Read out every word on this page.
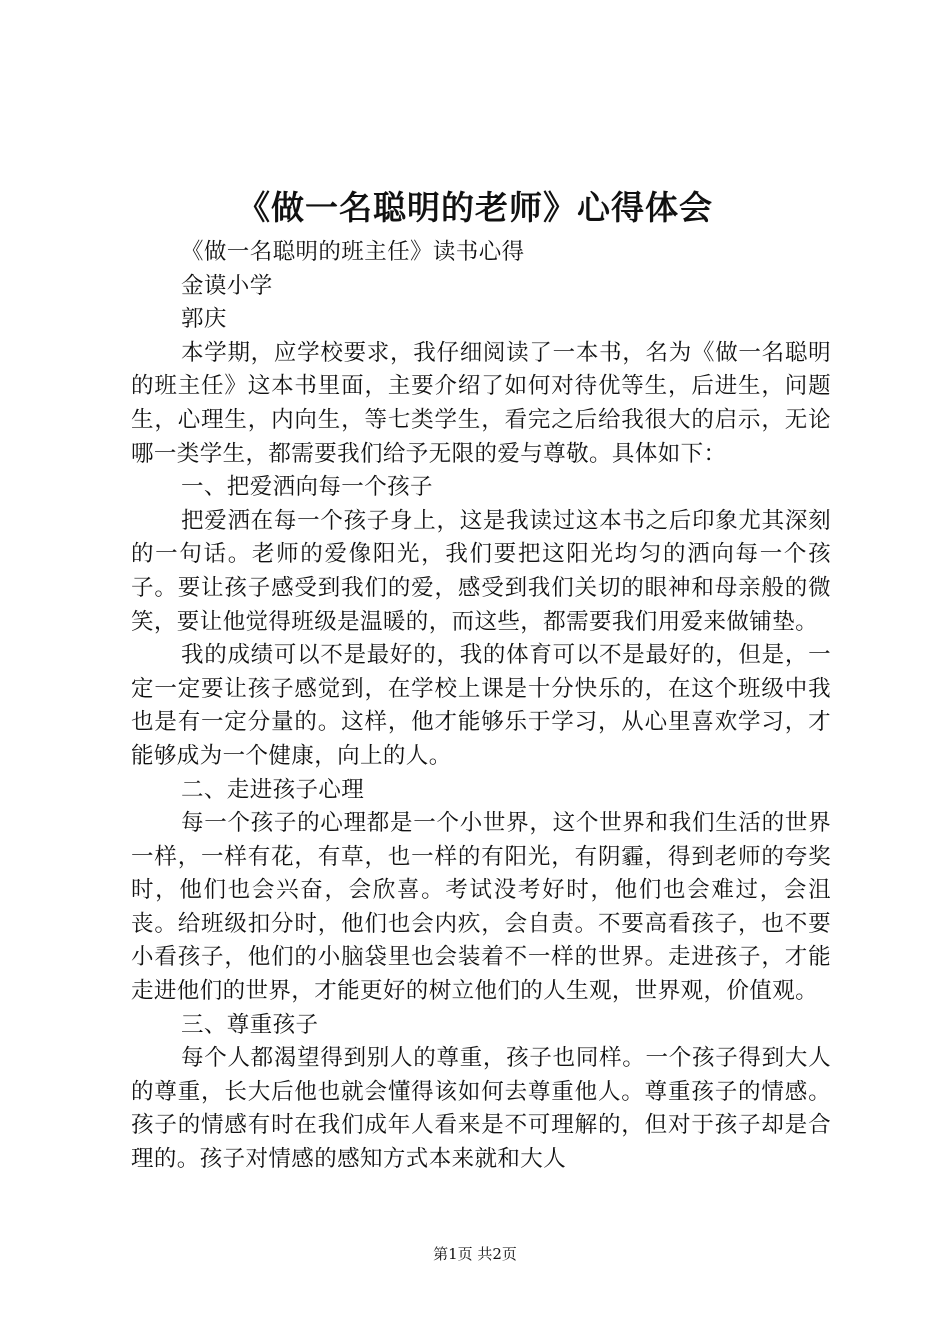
《做一名聪明的老师》心得体会

《做一名聪明的班主任》读书心得

金谟小学

郭庆

本学期，应学校要求，我仔细阅读了一本书，名为《做一名聪明的班主任》这本书里面，主要介绍了如何对待优等生，后进生，问题生，心理生，内向生，等七类学生，看完之后给我很大的启示，无论哪一类学生，都需要我们给予无限的爱与尊敬。具体如下：

一、把爱洒向每一个孩子

把爱洒在每一个孩子身上，这是我读过这本书之后印象尤其深刻的一句话。老师的爱像阳光，我们要把这阳光均匀的洒向每一个孩子。要让孩子感受到我们的爱，感受到我们关切的眼神和母亲般的微笑，要让他觉得班级是温暖的，而这些，都需要我们用爱来做铺垫。

我的成绩可以不是最好的，我的体育可以不是最好的，但是，一定一定要让孩子感觉到，在学校上课是十分快乐的，在这个班级中我也是有一定分量的。这样，他才能够乐于学习，从心里喜欢学习，才能够成为一个健康，向上的人。

二、走进孩子心理

每一个孩子的心理都是一个小世界，这个世界和我们生活的世界一样，一样有花，有草，也一样的有阳光，有阴霾，得到老师的夸奖时，他们也会兴奋，会欣喜。考试没考好时，他们也会难过，会沮丧。给班级扣分时，他们也会内疚，会自责。不要高看孩子，也不要小看孩子，他们的小脑袋里也会装着不一样的世界。走进孩子，才能走进他们的世界，才能更好的树立他们的人生观，世界观，价值观。

三、尊重孩子

每个人都渴望得到别人的尊重，孩子也同样。一个孩子得到大人的尊重，长大后他也就会懂得该如何去尊重他人。尊重孩子的情感。孩子的情感有时在我们成年人看来是不可理解的，但对于孩子却是合理的。孩子对情感的感知方式本来就和大人

第1页 共2页
